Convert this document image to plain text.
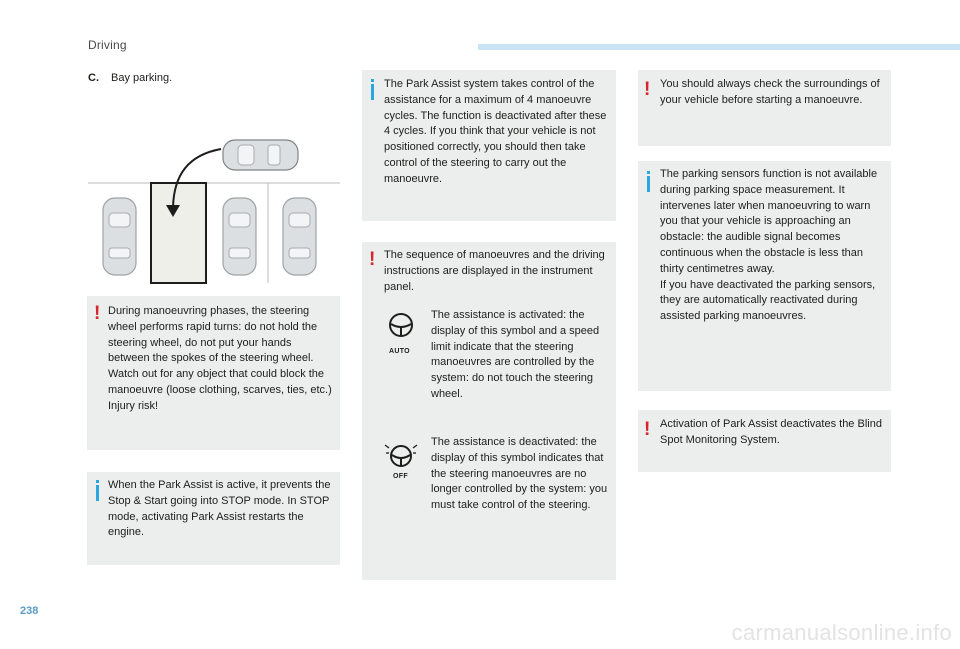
Driving
C. Bay parking.
! During manoeuvring phases, the steering wheel performs rapid turns: do not hold the steering wheel, do not put your hands between the spokes of the steering wheel. Watch out for any object that could block the manoeuvre (loose clothing, scarves, ties, etc.) Injury risk!
When the Park Assist is active, it prevents the Stop & Start going into STOP mode. In STOP mode, activating Park Assist restarts the engine.
The Park Assist system takes control of the assistance for a maximum of 4 manoeuvre cycles. The function is deactivated after these 4 cycles. If you think that your vehicle is not positioned correctly, you should then take control of the steering to carry out the manoeuvre.
! The sequence of manoeuvres and the driving instructions are displayed in the instrument panel.
AUTO
The assistance is activated: the display of this symbol and a speed limit indicate that the steering manoeuvres are controlled by the system: do not touch the steering wheel.
OFF
The assistance is deactivated: the display of this symbol indicates that the steering manoeuvres are no longer controlled by the system: you must take control of the steering.
! You should always check the surroundings of your vehicle before starting a manoeuvre.
The parking sensors function is not available during parking space measurement. It intervenes later when manoeuvring to warn you that your vehicle is approaching an obstacle: the audible signal becomes continuous when the obstacle is less than thirty centimetres away.
If you have deactivated the parking sensors, they are automatically reactivated during assisted parking manoeuvres.
! Activation of Park Assist deactivates the Blind Spot Monitoring System.
238
carmanualsonline.info
